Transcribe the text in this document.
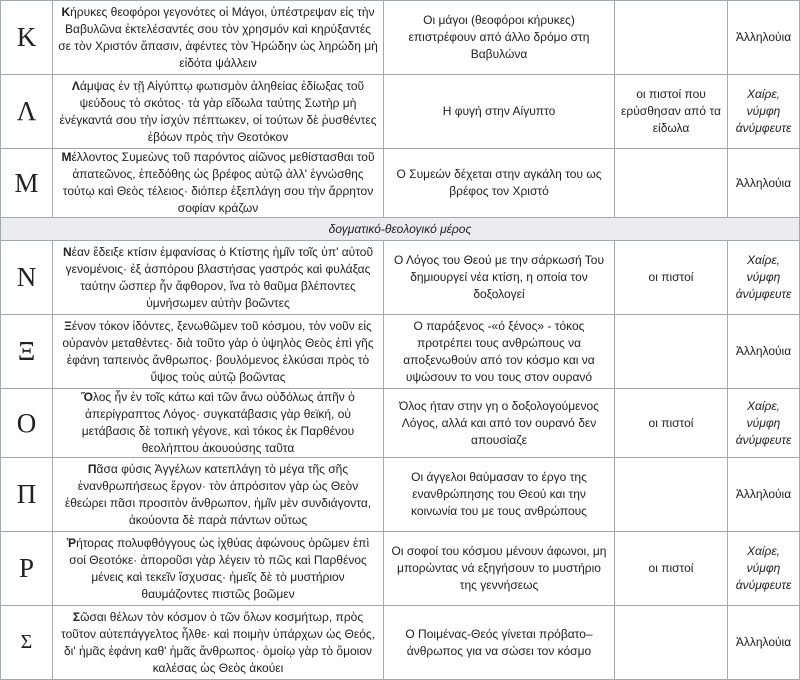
Κ	Κήρυκες θεοφόροι γεγονότες οἱ Μάγοι, ὑπέστρεψαν εἰς τὴν Βαβυλῶνα ἐκτελέσαντές σου τὸν χρησμόν καὶ κηρύξαντές σε τὸν Χριστόν ἅπασιν, ἀφέντες τὸν Ἡρώδην ὡς ληρώδη μὴ εἰδότα ψάλλειν	Οι μάγοι (θεοφόροι κήρυκες) επιστρέφουν από άλλο δρόμο στη Βαβυλώνα		Ἀλληλούια
Λ	Λάμψας ἐν τῇ Αἰγύπτῳ φωτισμὸν ἀληθείας ἐδίωξας τοῦ ψεύδους τὸ σκότος· τὰ γὰρ εἴδωλα ταύτης Σωτὴρ μὴ ἐνέγκαντά σου τὴν ἰσχύν πέπτωκεν, οἱ τούτων δὲ ῥυσθέντες ἐβόων πρὸς τὴν Θεοτόκον	Η φυγή στην Αίγυπτο	οι πιστοί που ερύσθησαν από τα είδωλα	Χαίρε, νύμφη ἀνύμφευτε
Μ	Μέλλοντος Συμεὼνς τοῦ παρόντος αἰῶνος μεθίστασθαι τοῦ ἀπατεῶνος, ἐπεδόθης ὡς βρέφος αὐτῷ ἀλλ' ἐγνώσθης τούτῳ καὶ Θεὸς τέλειος· διόπερ ἐξεπλάγη σου τὴν ἄρρητον σοφίαν κράζων	Ο Συμεών δέχεται στην αγκάλη του ως βρέφος τον Χριστό		Ἀλληλούια
δογματικό-θεολογικό μέρος				
Ν	Νέαν ἔδειξε κτίσιν ἐμφανίσας ὁ Κτίστης ἡμῖν τοῖς ὑπ' αὐτοῦ γενομένοις· ἐξ ἀσπόρου βλαστήσας γαστρός καὶ φυλάξας ταύτην ὥσπερ ἦν ἄφθορον, ἵνα τὸ θαῦμα βλέποντες ὑμνήσωμεν αὐτὴν βοῶντες	Ο Λόγος του Θεού με την σάρκωσή Του δημιουργεί νέα κτίση, η οποία τον δοξολογεί	οι πιστοί	Χαίρε, νύμφη ἀνύμφευτε
Ξ	Ξένον τόκον ἰδόντες, ξενωθῶμεν τοῦ κόσμου, τὸν νοῦν εἰς οὐρανὸν μεταθέντες· διὰ τοῦτο γὰρ ὁ ὑψηλὸς Θεὸς ἐπὶ γῆς ἐφάνη ταπεινὸς ἄνθρωπος· βουλόμενος ἑλκύσαι πρὸς τὸ ὕψος τοὺς αὐτῷ βοῶντας	Ο παράξενος -«ό ξένος» - τόκος προτρέπει τους ανθρώπους να αποξενωθούν από τον κόσμο και να υψώσουν το νου τους στον ουρανό		Ἀλληλούια
Ο	Ὅλος ἦν ἐν τοῖς κάτω καὶ τῶν ἄνω οὐδόλως ἀπῆν ὁ ἀπερίγραπτος Λόγος· συγκατάβασις γὰρ θεϊκή, οὐ μετάβασις δὲ τοπικὴ γέγονε, καὶ τόκος ἐκ Παρθένου θεολήπτου ἀκουούσης ταῦτα	Όλος ήταν στην γη ο δοξολογούμενος Λόγος, αλλά και από τον ουρανό δεν απουσίαζε	οι πιστοί	Χαίρε, νύμφη ἀνύμφευτε
Π	Πᾶσα φύσις Ἀγγέλων κατεπλάγη τὸ μέγα τῆς σῆς ἐνανθρωπήσεως ἔργον· τὸν ἀπρόσιτον γὰρ ὡς Θεὸν ἐθεώρει πᾶσι προσιτὸν ἄνθρωπον, ἡμῖν μὲν συνδιάγοντα, ἀκούοντα δὲ παρὰ πάντων οὕτως	Οι άγγελοι θαύμασαν το έργο της ενανθρώπησης του Θεού και την κοινωνία του με τους ανθρώπους		Ἀλληλούια
Ρ	Ῥήτορας πολυφθόγγους ὡς ἰχθύας ἀφώνους ὁρῶμεν ἐπὶ σοί Θεοτόκε· ἀποροῦσι γὰρ λέγειν τὸ πῶς καὶ Παρθένος μένεις καὶ τεκεῖν ἴσχυσας· ἡμεῖς δὲ τὸ μυστήριον θαυμάζοντες πιστῶς βοῶμεν	Οι σοφοί του κόσμου μένουν άφωνοι, μη μπορώντας νά εξηγήσουν το μυστήριο της γεννήσεως	οι πιστοί	Χαίρε, νύμφη ἀνύμφευτε
Σ	Σῶσαι θέλων τὸν κόσμον ὁ τῶν ὅλων κοσμήτωρ, πρὸς τοῦτον αὐτεπάγγελτος ἦλθε· καὶ ποιμὴν ὑπάρχων ὡς Θεός, δι' ἡμᾶς ἐφάνη καθ' ἡμᾶς ἄνθρωπος· ὁμοίῳ γὰρ τὸ ὅμοιον καλέσας ὡς Θεὸς ἀκούει	Ο Ποιμένας-Θεός γίνεται πρόβατο–άνθρωπος για να σώσει τον κόσμο		Ἀλληλούια
